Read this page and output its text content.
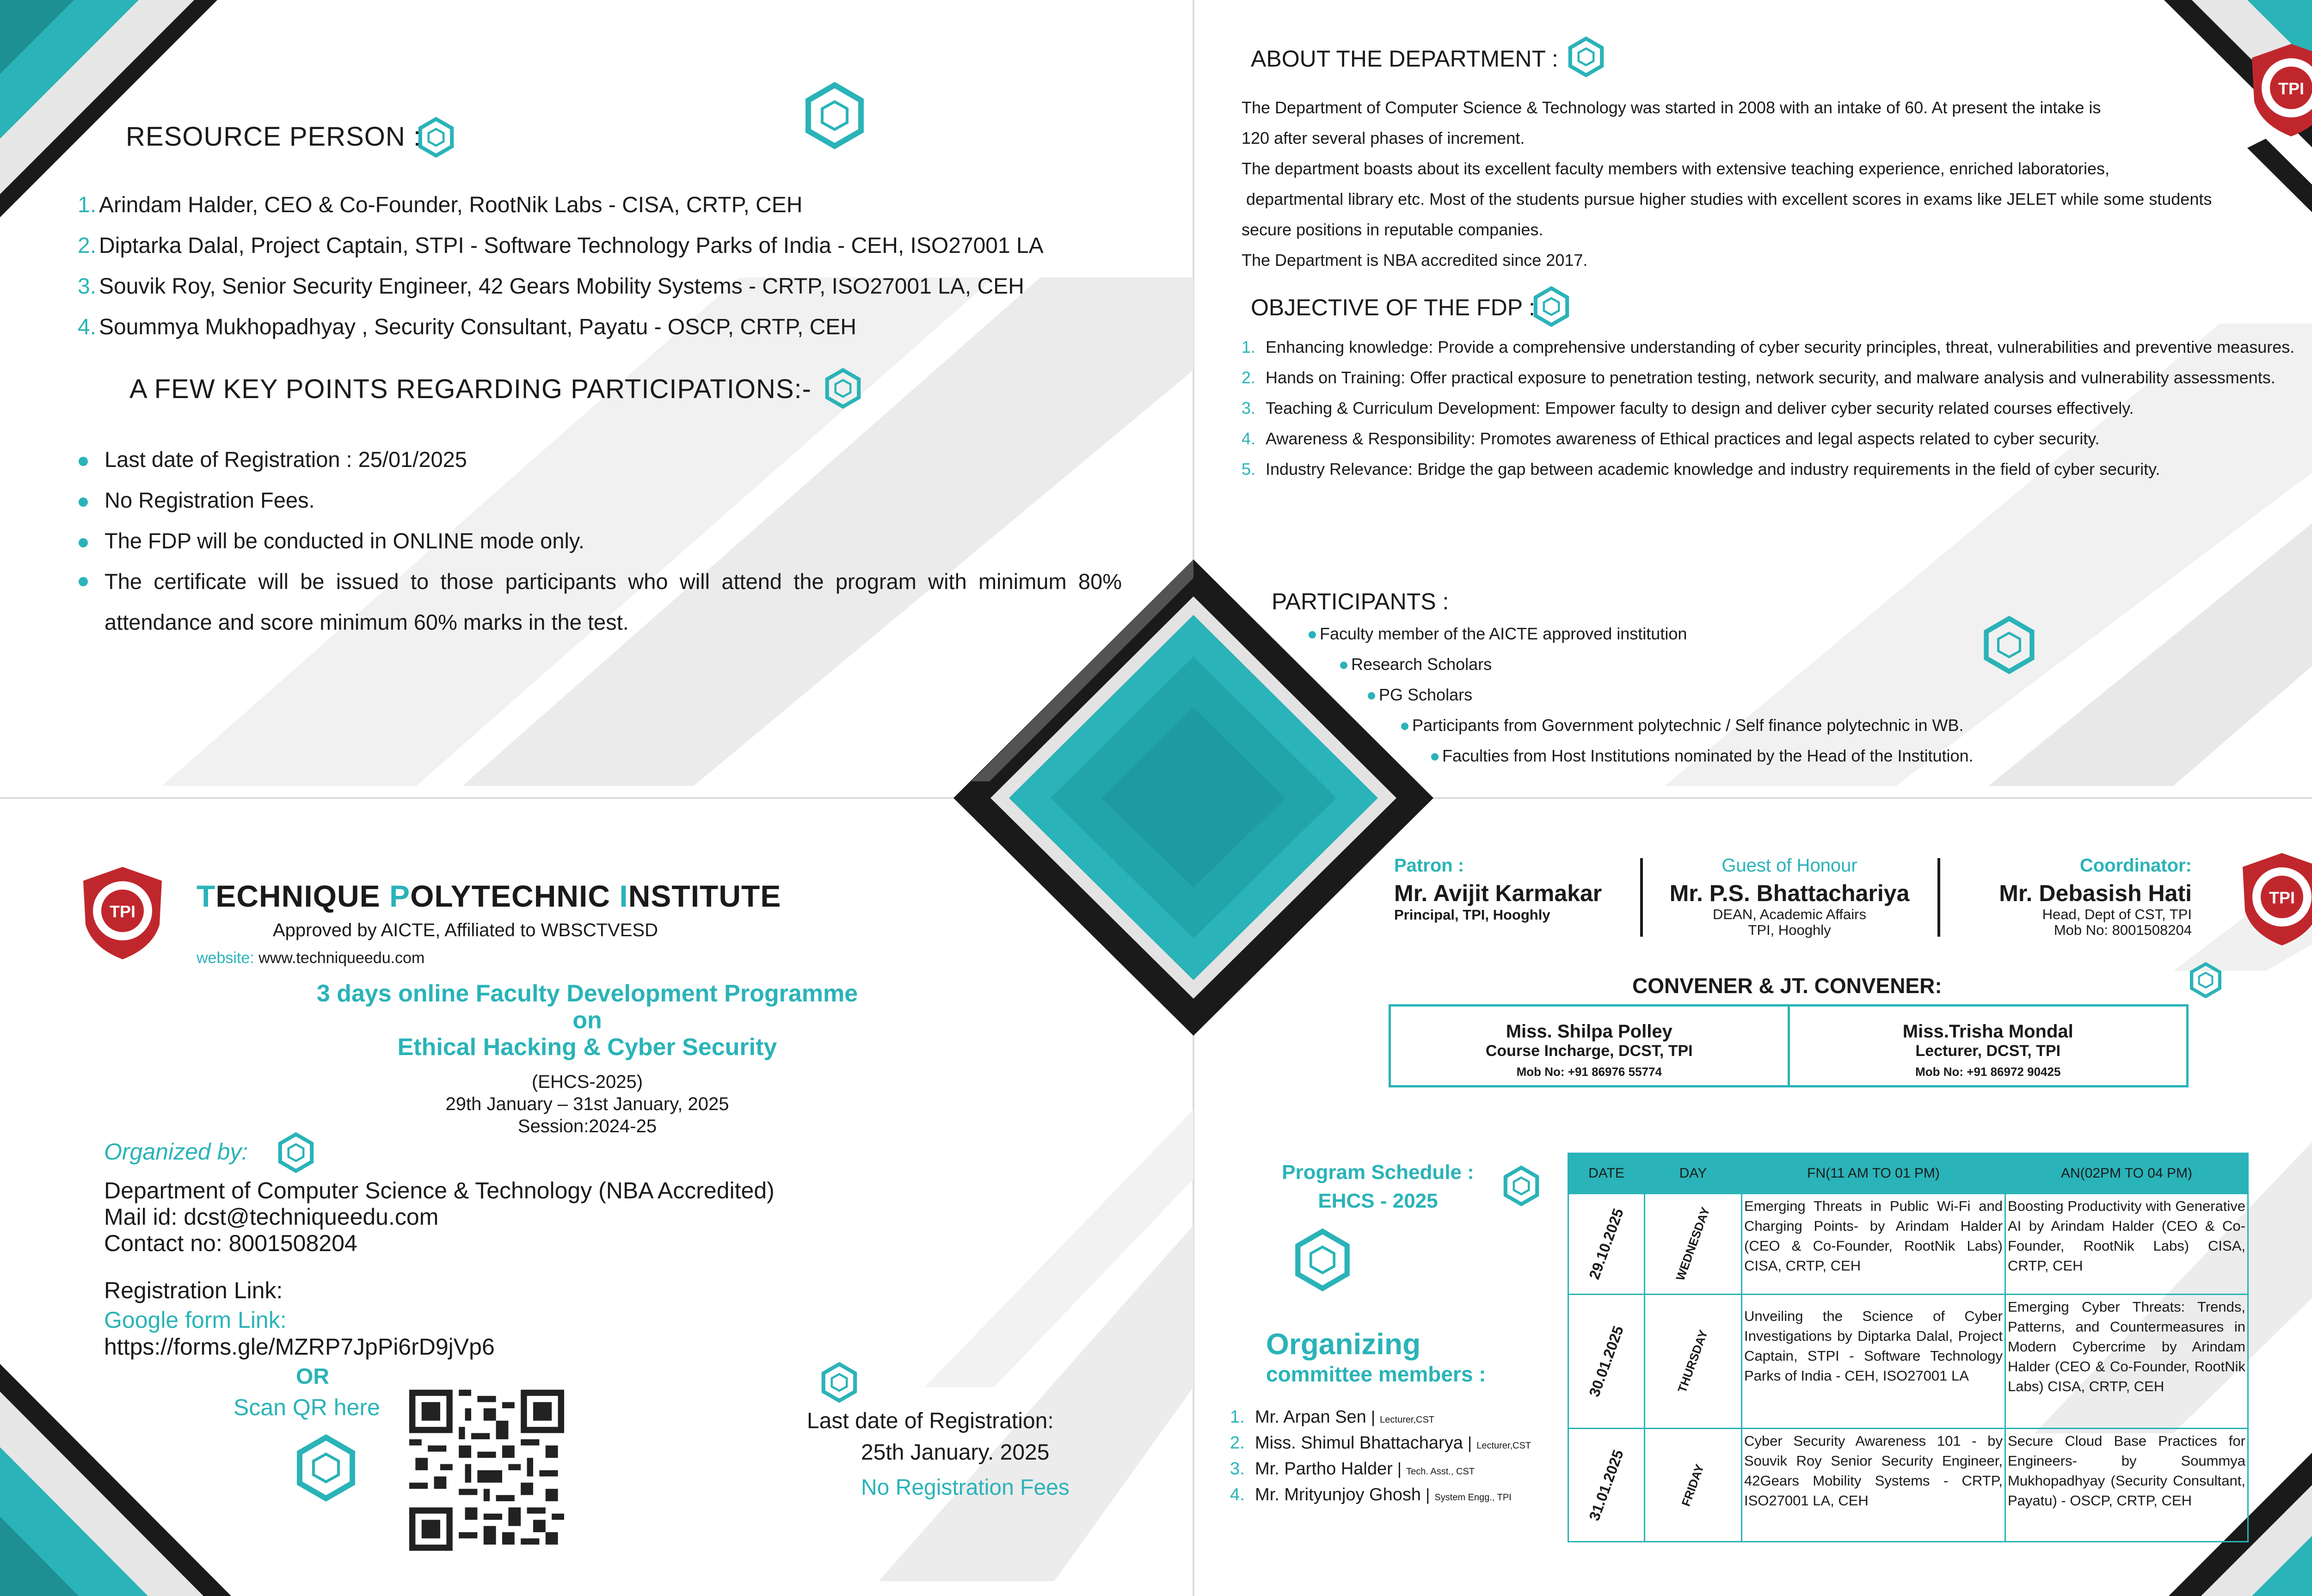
TPI
TPI
TPI
RESOURCE PERSON :
1. Arindam Halder, CEO & Co-Founder, RootNik Labs - CISA, CRTP, CEH
2. Diptarka Dalal, Project Captain, STPI - Software Technology Parks of India - CEH, ISO27001 LA
3. Souvik Roy, Senior Security Engineer, 42 Gears Mobility Systems - CRTP, ISO27001 LA, CEH
4. Soummya Mukhopadhyay , Security Consultant, Payatu - OSCP, CRTP, CEH
A FEW KEY POINTS REGARDING PARTICIPATIONS:-
Last date of Registration : 25/01/2025
No Registration Fees.
The FDP will be conducted in ONLINE mode only.
The certificate will be issued to those participants who will attend the program with minimum 80% attendance and score minimum 60% marks in the test.
ABOUT THE DEPARTMENT :
The Department of Computer Science & Technology was started in 2008 with an intake of 60. At present the intake is
120 after several phases of increment.
The department boasts about its excellent faculty members with extensive teaching experience, enriched laboratories,
departmental library etc. Most of the students pursue higher studies with excellent scores in exams like JELET while some students
secure positions in reputable companies.
The Department is NBA accredited since 2017.
OBJECTIVE OF THE FDP :
1. Enhancing knowledge: Provide a comprehensive understanding of cyber security principles, threat, vulnerabilities and preventive measures.
2. Hands on Training: Offer practical exposure to penetration testing, network security, and malware analysis and vulnerability assessments.
3. Teaching & Curriculum Development: Empower faculty to design and deliver cyber security related courses effectively.
4. Awareness & Responsibility: Promotes awareness of Ethical practices and legal aspects related to cyber security.
5. Industry Relevance: Bridge the gap between academic knowledge and industry requirements in the field of cyber security.
PARTICIPANTS :
Faculty member of the AICTE approved institution
Research Scholars
PG Scholars
Participants from Government polytechnic / Self finance polytechnic in WB.
Faculties from Host Institutions nominated by the Head of the Institution.
TECHNIQUE POLYTECHNIC INSTITUTE
Approved by AICTE, Affiliated to WBSCTVESD
website: www.techniqueedu.com
3 days online Faculty Development Programme
on
Ethical Hacking & Cyber Security
(EHCS-2025)
29th January – 31st January, 2025
Session:2024-25
Organized by:
Department of Computer Science & Technology (NBA Accredited)
Mail id: dcst@techniqueedu.com
Contact no: 8001508204
Registration Link:
Google form Link:
https://forms.gle/MZRP7JpPi6rD9jVp6
OR
Scan QR here
Last date of Registration:
25th January. 2025
No Registration Fees
Patron :
Mr. Avijit Karmakar
Principal, TPI, Hooghly
Guest of Honour
Mr. P.S. Bhattachariya
DEAN, Academic Affairs
TPI, Hooghly
Coordinator:
Mr. Debasish Hati
Head, Dept of CST, TPI
Mob No: 8001508204
CONVENER & JT. CONVENER:
Miss. Shilpa Polley
Course Incharge, DCST, TPI
Mob No: +91 86976 55774
Miss.Trisha Mondal
Lecturer, DCST, TPI
Mob No: +91 86972 90425
Program Schedule :
EHCS - 2025
DATE	DAY	FN(11 AM TO 01 PM)	AN(02PM TO 04 PM)
29.10.2025	WEDNESDAY	Emerging Threats in Public Wi-Fi and Charging Points- by Arindam Halder (CEO & Co-Founder, RootNik Labs) CISA, CRTP, CEH	Boosting Productivity with Generative AI by Arindam Halder (CEO & Co-Founder, RootNik Labs) CISA, CRTP, CEH
30.01.2025	THURSDAY	Unveiling the Science of Cyber Investigations by Diptarka Dalal, Project Captain, STPI - Software Technology Parks of India - CEH, ISO27001 LA	Emerging Cyber Threats: Trends, Patterns, and Countermeasures in Modern Cybercrime by Arindam Halder (CEO & Co-Founder, RootNik Labs) CISA, CRTP, CEH
31.01.2025	FRIDAY	Cyber Security Awareness 101 - by Souvik Roy Senior Security Engineer, 42Gears Mobility Systems - CRTP, ISO27001 LA, CEH	Secure Cloud Base Practices for Engineers- by Soummya Mukhopadhyay (Security Consultant, Payatu) - OSCP, CRTP, CEH
Organizing
committee members :
1. Mr. Arpan Sen | Lecturer,CST
2. Miss. Shimul Bhattacharya | Lecturer,CST
3. Mr. Partho Halder | Tech. Asst., CST
4. Mr. Mrityunjoy Ghosh | System Engg., TPI
